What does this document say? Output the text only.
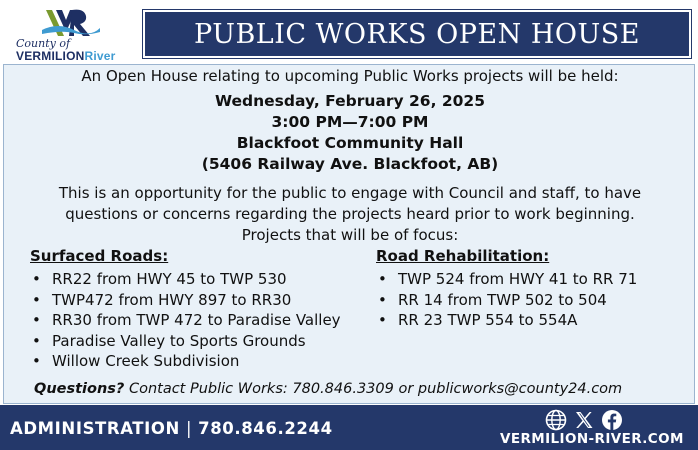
County of
VERMILIONRiver
PUBLIC WORKS OPEN HOUSE
An Open House relating to upcoming Public Works projects will be held:
Wednesday, February 26, 2025
3:00 PM—7:00 PM
Blackfoot Community Hall
(5406 Railway Ave. Blackfoot, AB)
This is an opportunity for the public to engage with Council and staff, to have
questions or concerns regarding the projects heard prior to work beginning.
Projects that will be of focus:
Surfaced Roads:
• RR22 from HWY 45 to TWP 530
• TWP472 from HWY 897 to RR30
• RR30 from TWP 472 to Paradise Valley
• Paradise Valley to Sports Grounds
• Willow Creek Subdivision
Road Rehabilitation:
• TWP 524 from HWY 41 to RR 71
• RR 14 from TWP 502 to 504
• RR 23 TWP 554 to 554A
Questions? Contact Public Works: 780.846.3309 or publicworks@county24.com
ADMINISTRATION | 780.846.2244
VERMILION-RIVER.COM
